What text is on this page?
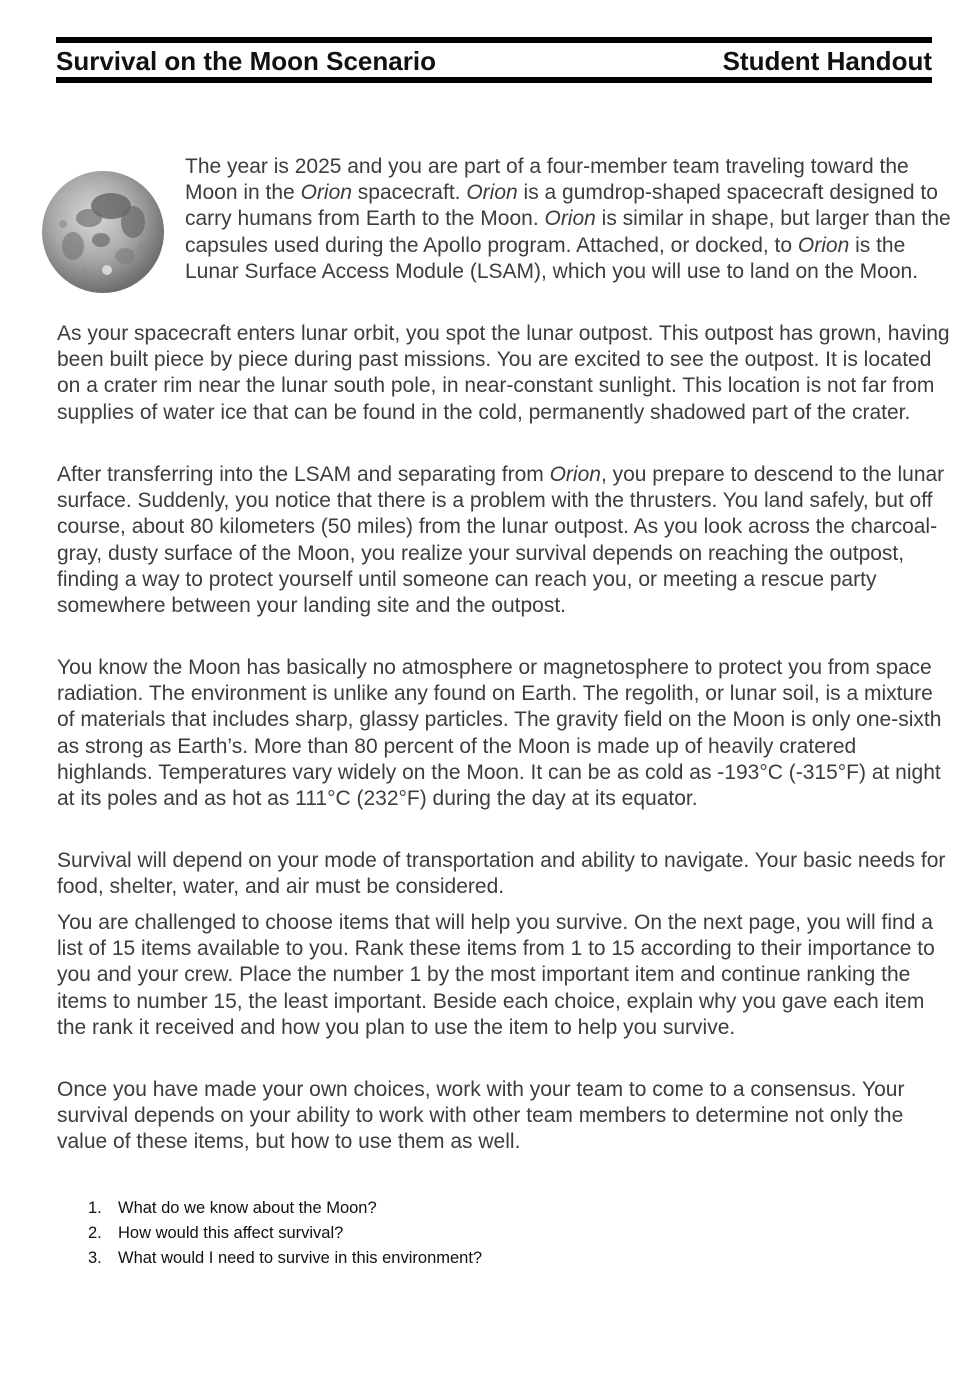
Survival on the Moon Scenario	Student Handout

The year is 2025 and you are part of a four-member team traveling toward the Moon in the Orion spacecraft. Orion is a gumdrop-shaped spacecraft designed to carry humans from Earth to the Moon. Orion is similar in shape, but larger than the capsules used during the Apollo program. Attached, or docked, to Orion is the Lunar Surface Access Module (LSAM), which you will use to land on the Moon.

As your spacecraft enters lunar orbit, you spot the lunar outpost. This outpost has grown, having been built piece by piece during past missions. You are excited to see the outpost. It is located on a crater rim near the lunar south pole, in near-constant sunlight. This location is not far from supplies of water ice that can be found in the cold, permanently shadowed part of the crater.

After transferring into the LSAM and separating from Orion, you prepare to descend to the lunar surface. Suddenly, you notice that there is a problem with the thrusters. You land safely, but off course, about 80 kilometers (50 miles) from the lunar outpost. As you look across the charcoal-gray, dusty surface of the Moon, you realize your survival depends on reaching the outpost, finding a way to protect yourself until someone can reach you, or meeting a rescue party somewhere between your landing site and the outpost.

You know the Moon has basically no atmosphere or magnetosphere to protect you from space radiation. The environment is unlike any found on Earth. The regolith, or lunar soil, is a mixture of materials that includes sharp, glassy particles. The gravity field on the Moon is only one-sixth as strong as Earth’s. More than 80 percent of the Moon is made up of heavily cratered highlands. Temperatures vary widely on the Moon. It can be as cold as -193°C (-315°F) at night at its poles and as hot as 111°C (232°F) during the day at its equator.

Survival will depend on your mode of transportation and ability to navigate. Your basic needs for food, shelter, water, and air must be considered.

You are challenged to choose items that will help you survive. On the next page, you will find a list of 15 items available to you. Rank these items from 1 to 15 according to their importance to you and your crew. Place the number 1 by the most important item and continue ranking the items to number 15, the least important. Beside each choice, explain why you gave each item the rank it received and how you plan to use the item to help you survive.

Once you have made your own choices, work with your team to come to a consensus. Your survival depends on your ability to work with other team members to determine not only the value of these items, but how to use them as well.

1. What do we know about the Moon?
2. How would this affect survival?
3. What would I need to survive in this environment?
